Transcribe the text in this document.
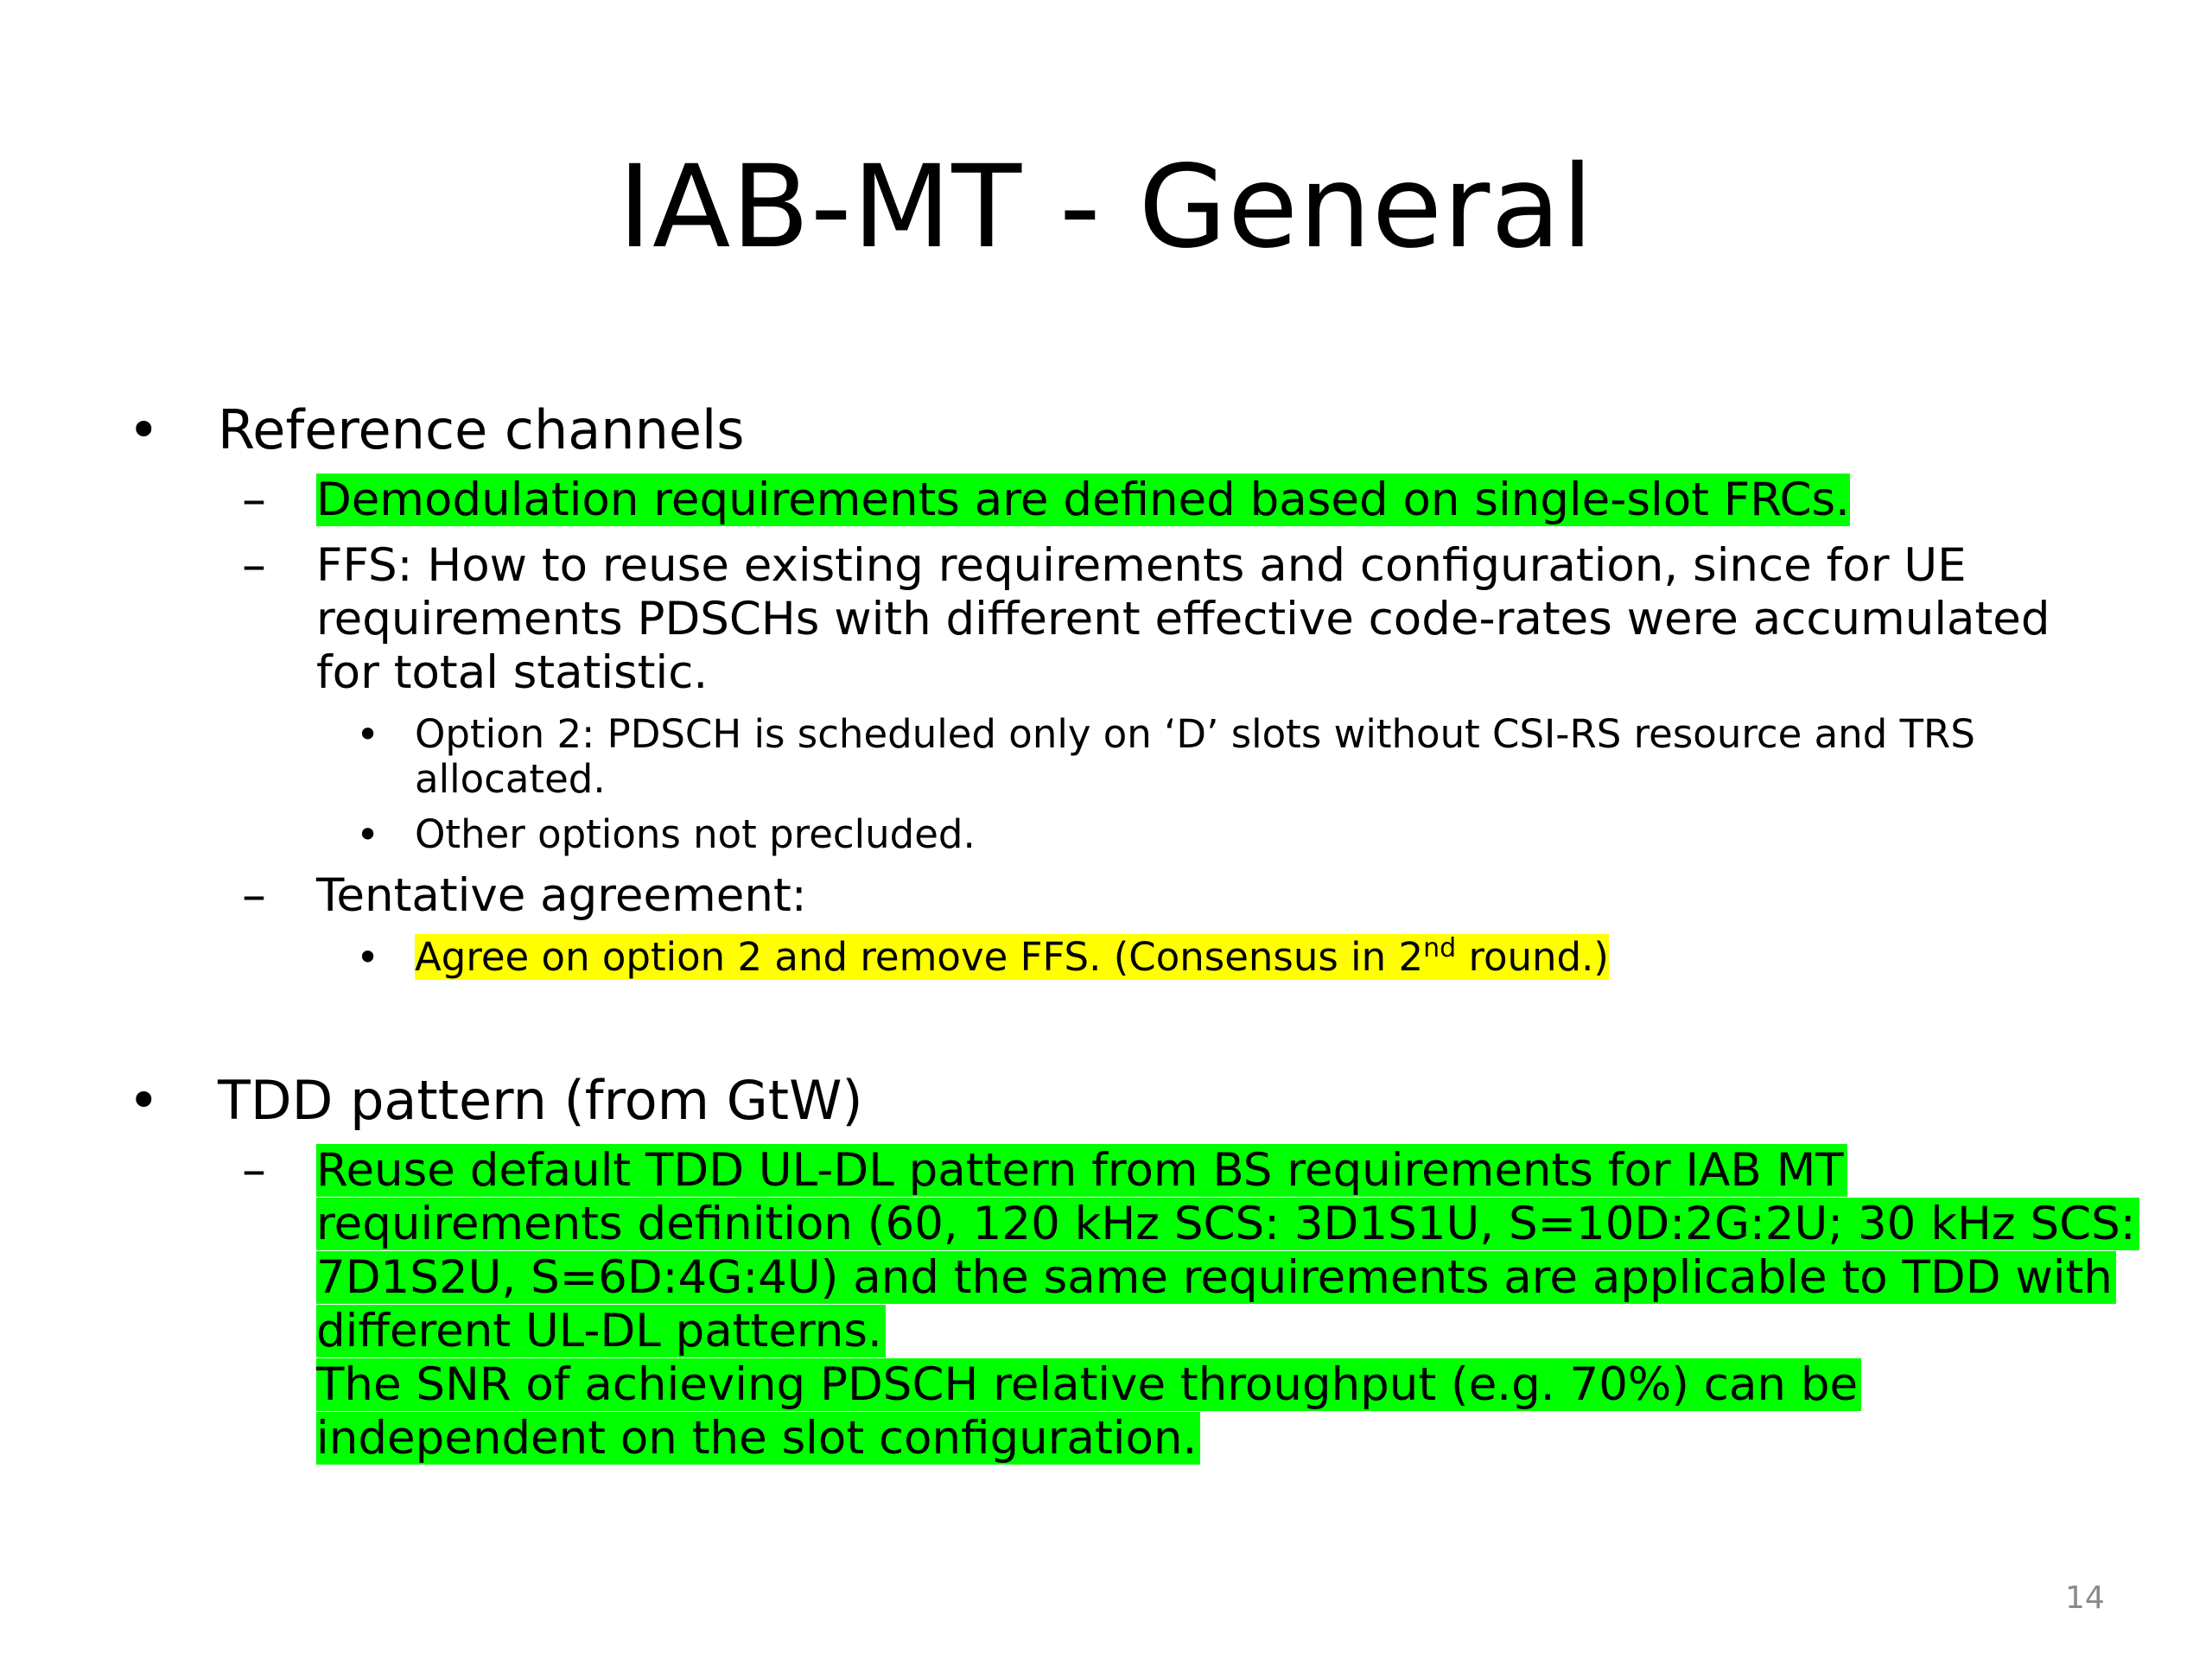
IAB-MT - General
• Reference channels
– Demodulation requirements are defined based on single-slot FRCs.
– FFS: How to reuse existing requirements and configuration, since for UE
requirements PDSCHs with different effective code-rates were accumulated
for total statistic.
• Option 2: PDSCH is scheduled only on ‘D’ slots without CSI-RS resource and TRS
allocated.
• Other options not precluded.
– Tentative agreement:
• Agree on option 2 and remove FFS. (Consensus in 2nd round.)
• TDD pattern (from GtW)
– Reuse default TDD UL-DL pattern from BS requirements for IAB MT
requirements definition (60, 120 kHz SCS: 3D1S1U, S=10D:2G:2U; 30 kHz SCS:
7D1S2U, S=6D:4G:4U) and the same requirements are applicable to TDD with
different UL-DL patterns.
The SNR of achieving PDSCH relative throughput (e.g. 70%) can be
independent on the slot configuration.
14
